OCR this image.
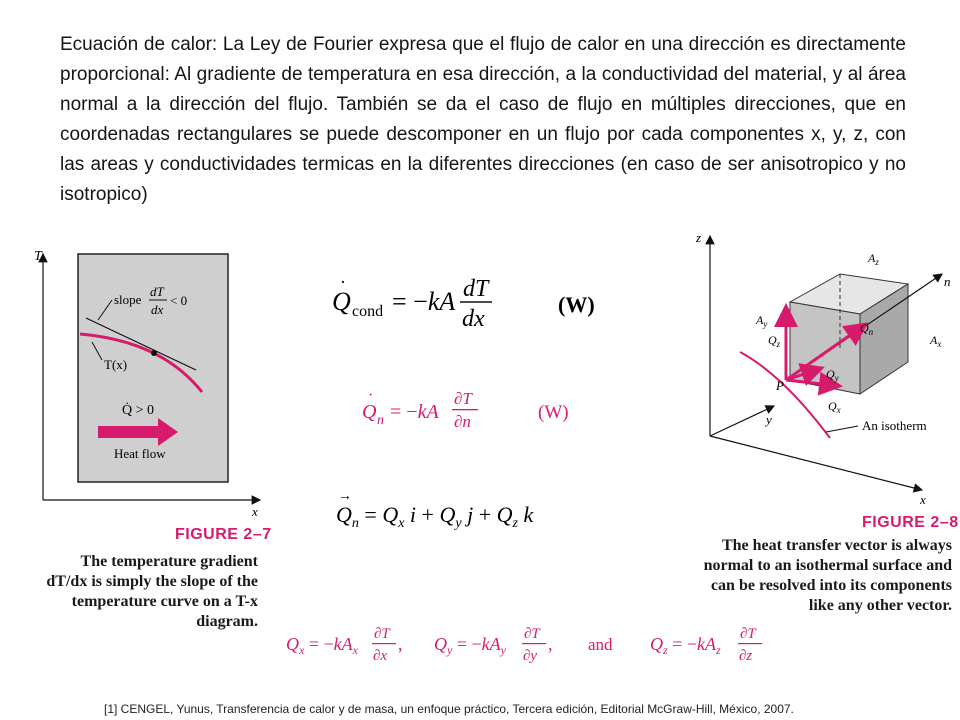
Ecuación de calor: La Ley de Fourier expresa que el flujo de calor en una dirección es directamente proporcional: Al gradiente de temperatura en esa dirección, a la conductividad del material, y al área normal a la dirección del flujo. También se da el caso de flujo en múltiples direcciones, que en coordenadas rectangulares se puede descomponer en un flujo por cada componentes x, y, z, con las areas y conductividades termicas en la diferentes direcciones (en caso de ser anisotropico y no isotropico)
T
x
slope
dT
dx
< 0
T(x)
Q̇ > 0
Heat flow
FIGURE 2–7
The temperature gradient dT/dx is simply the slope of the temperature curve on a T-x diagram.
Q
·
cond = −kA dT
dx
(W)
Q
·
n = −kA
∂T
∂n	(W)
$Q_n = Q_x$ $i + Q_y$ $j + Q_z$ k
→
$Q_x = -kA_x$
∂T
∂x
, $Q_y = -kA_y$
∂T
∂y
, and $Q_z = -kA_z$
∂T
∂z
z
y
x
P
n
$A_z$
$A_y$
$A_x$
$Q_z$
$Q_n$
$Q_y$
$Q_x$
An isotherm
FIGURE 2–8
The heat transfer vector is always normal to an isothermal surface and can be resolved into its components like any other vector.
[1] CENGEL, Yunus, Transferencia de calor y de masa, un enfoque práctico, Tercera edición, Editorial McGraw-Hill, México, 2007.
